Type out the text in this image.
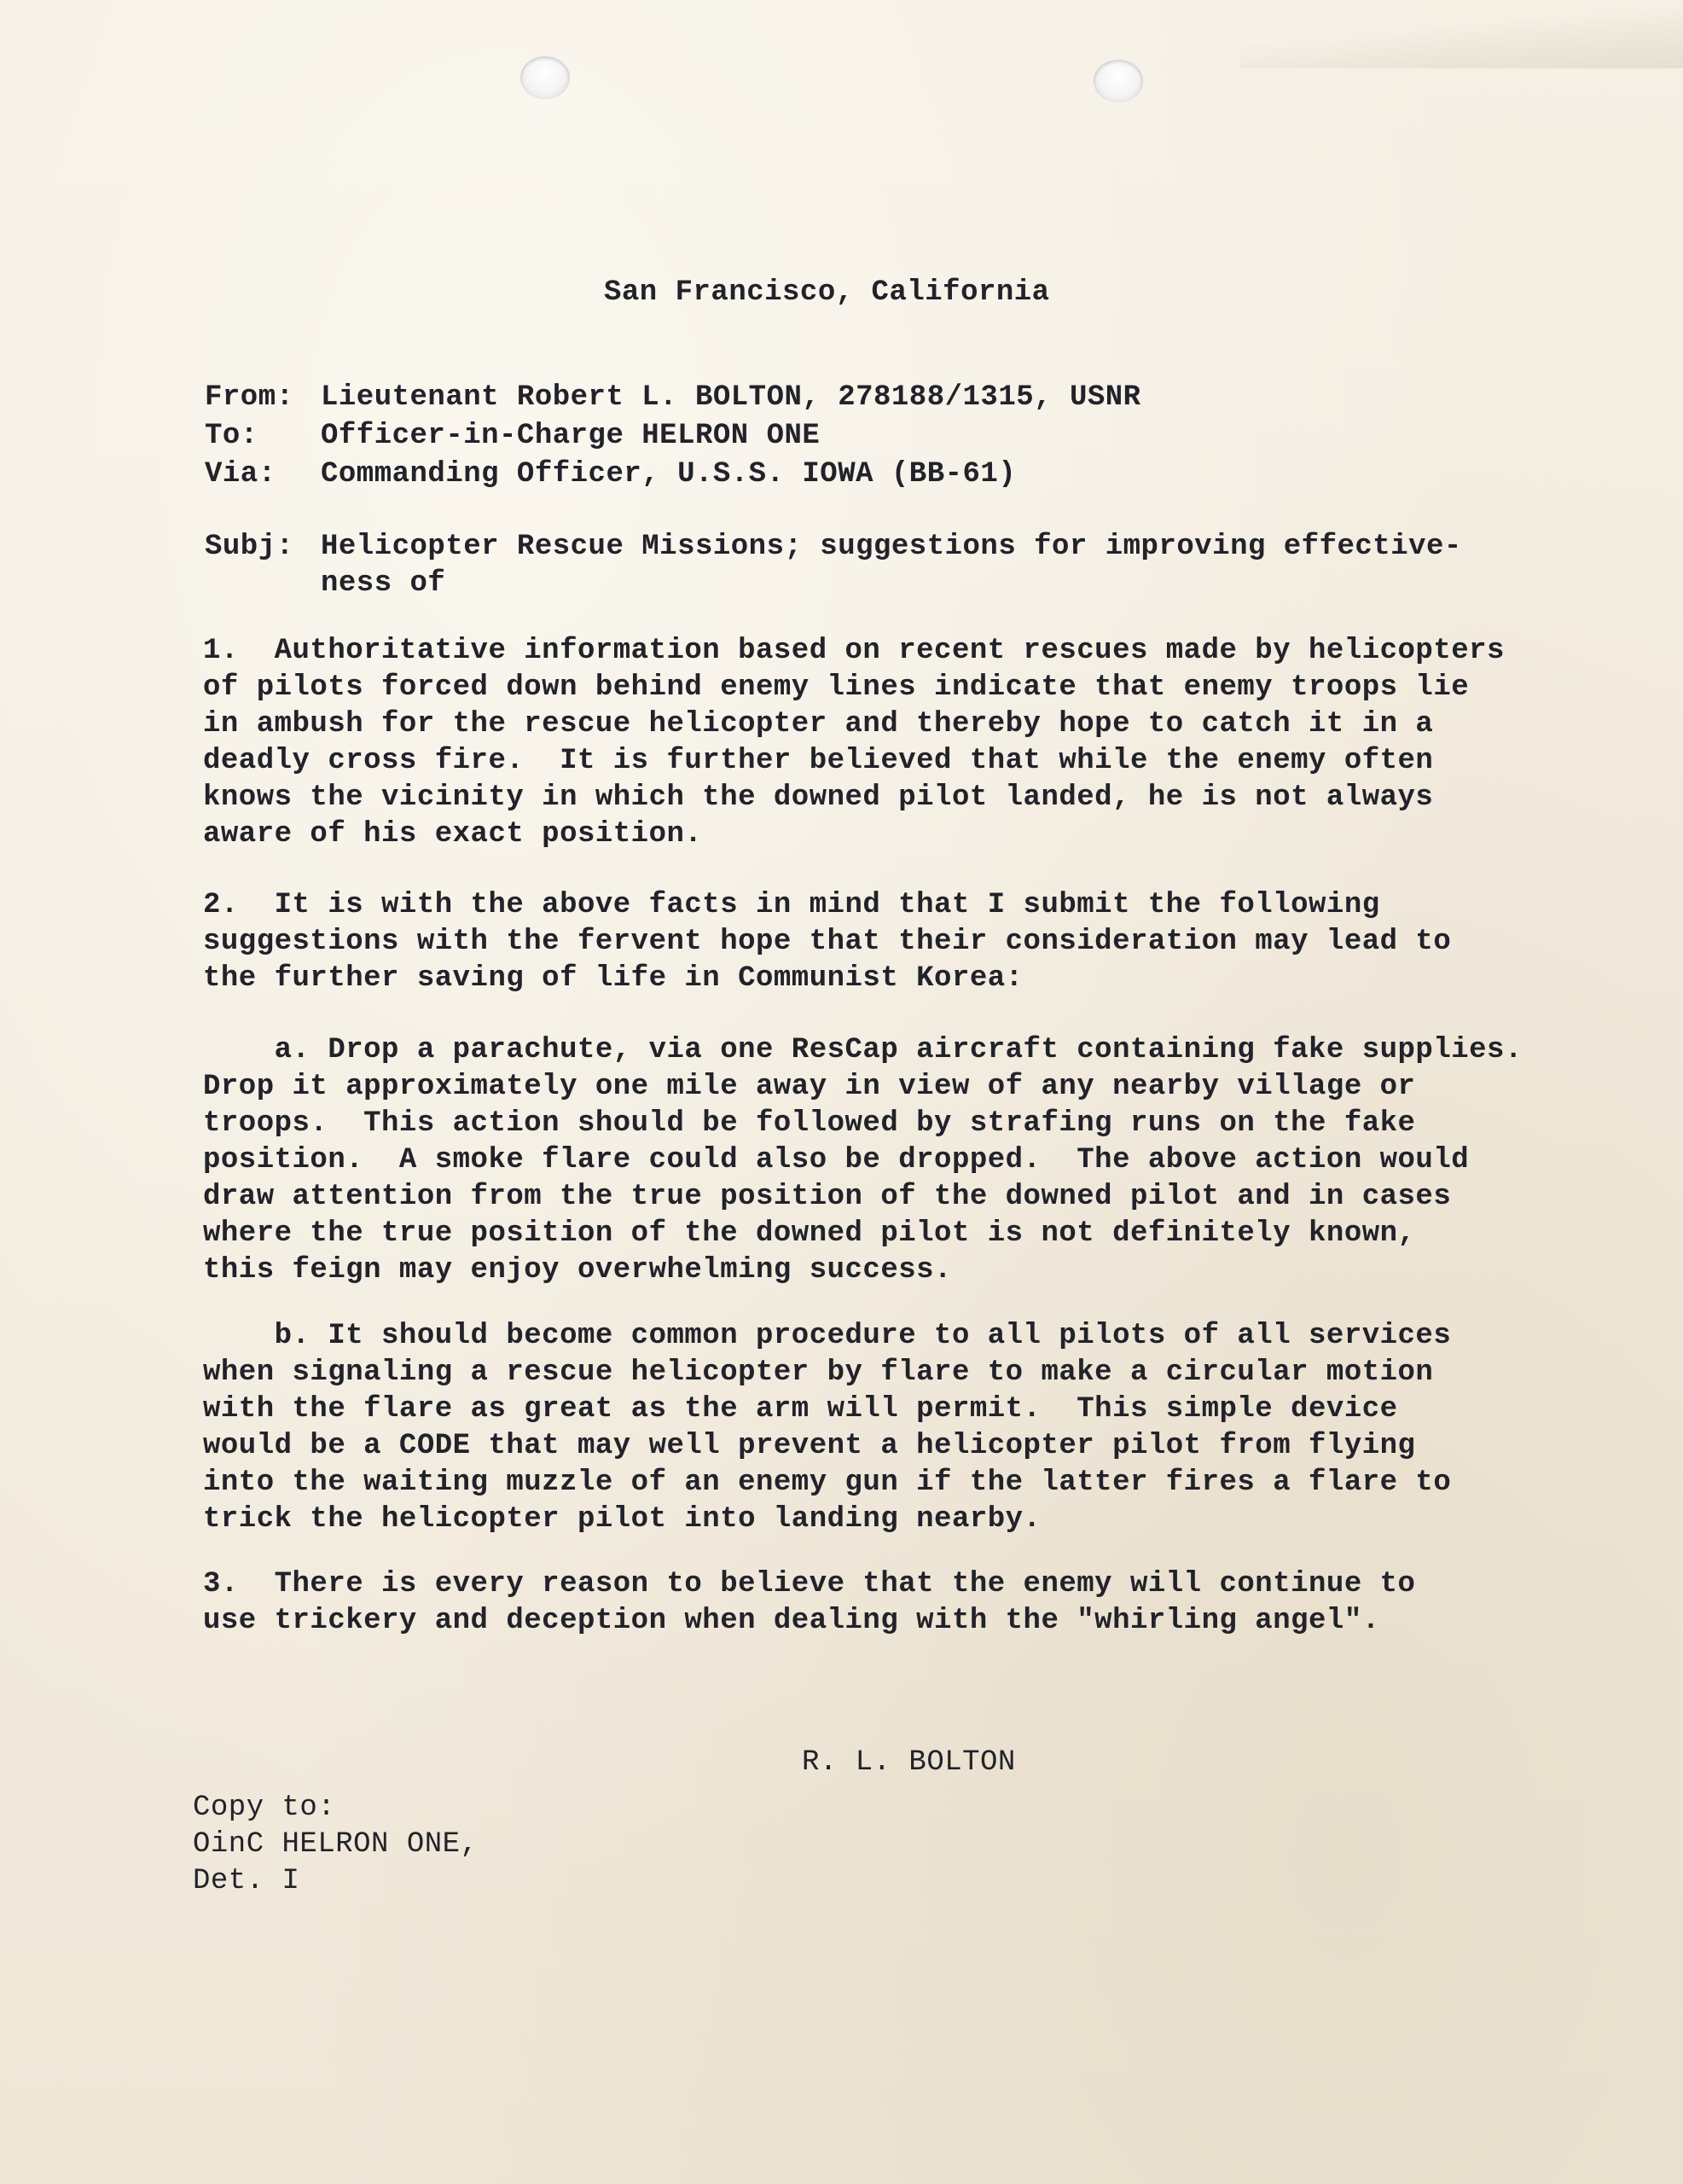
San Francisco, California
From: Lieutenant Robert L. BOLTON, 278188/1315, USNR
To: Officer-in-Charge HELRON ONE
Via: Commanding Officer, U.S.S. IOWA (BB-61)
Subj: Helicopter Rescue Missions; suggestions for improving effective-
ness of
1.  Authoritative information based on recent rescues made by helicopters
of pilots forced down behind enemy lines indicate that enemy troops lie
in ambush for the rescue helicopter and thereby hope to catch it in a
deadly cross fire.  It is further believed that while the enemy often
knows the vicinity in which the downed pilot landed, he is not always
aware of his exact position.
2.  It is with the above facts in mind that I submit the following
suggestions with the fervent hope that their consideration may lead to
the further saving of life in Communist Korea:
a. Drop a parachute, via one ResCap aircraft containing fake supplies.
Drop it approximately one mile away in view of any nearby village or
troops.  This action should be followed by strafing runs on the fake
position.  A smoke flare could also be dropped.  The above action would
draw attention from the true position of the downed pilot and in cases
where the true position of the downed pilot is not definitely known,
this feign may enjoy overwhelming success.
b. It should become common procedure to all pilots of all services
when signaling a rescue helicopter by flare to make a circular motion
with the flare as great as the arm will permit.  This simple device
would be a CODE that may well prevent a helicopter pilot from flying
into the waiting muzzle of an enemy gun if the latter fires a flare to
trick the helicopter pilot into landing nearby.
3.  There is every reason to believe that the enemy will continue to
use trickery and deception when dealing with the "whirling angel".
R. L. BOLTON
Copy to:
OinC HELRON ONE,
Det. I
